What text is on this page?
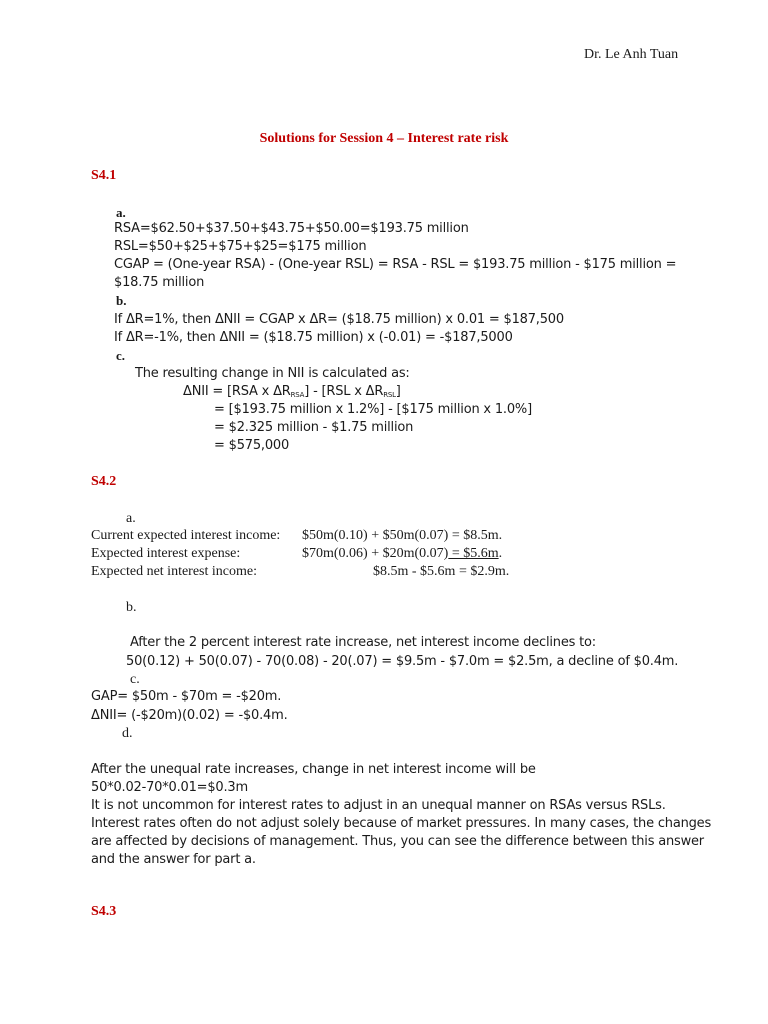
Dr. Le Anh Tuan
Solutions for Session 4 – Interest rate risk
S4.1
a.
RSA=$62.50+$37.50+$43.75+$50.00=$193.75 million
RSL=$50+$25+$75+$25=$175 million
CGAP = (One-year RSA) - (One-year RSL) = RSA - RSL = $193.75 million - $175 million =
$18.75 million
b.
If ΔR=1%, then ΔNII = CGAP x ΔR= ($18.75 million) x 0.01 = $187,500
If ΔR=-1%, then ΔNII = ($18.75 million) x (-0.01) = -$187,5000
c.
The resulting change in NII is calculated as:
ΔNII = [RSA x $\Delta R_{RSA}] - [RSL$ x $\Delta R_{RSL}$]
= [$193.75 million x 1.2%] - [$175 million x 1.0%]
= $2.325 million - $1.75 million
= $575,000
S4.2
a.
Current expected interest income: $50m(0.10) + $50m(0.07) = $8.5m.
Expected interest expense:	$70m(0.06) + $20m(0.07) = $5.6m.
Expected net interest income:	$8.5m - $5.6m = $2.9m.
b.
After the 2 percent interest rate increase, net interest income declines to:
50(0.12) + 50(0.07) - 70(0.08) - 20(.07) = $9.5m - $7.0m = $2.5m, a decline of $0.4m.
c.
GAP= $50m - $70m = -$20m.
ΔNII= (-$20m)(0.02) = -$0.4m.
d.
After the unequal rate increases, change in net interest income will be
50*0.02-70*0.01=$0.3m
It is not uncommon for interest rates to adjust in an unequal manner on RSAs versus RSLs.
Interest rates often do not adjust solely because of market pressures. In many cases, the changes
are affected by decisions of management. Thus, you can see the difference between this answer
and the answer for part a.
S4.3
